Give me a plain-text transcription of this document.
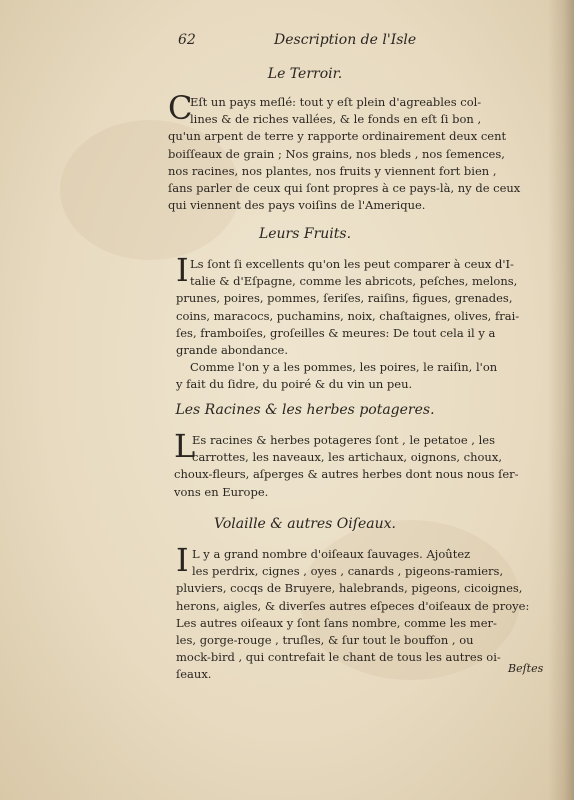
62	Description de l'Isle
Le Terroir.
C
Eſt un pays meſlé: tout y eſt plein d'agreables col-
lines & de riches vallées, & le fonds en eſt ſi bon ,
qu'un arpent de terre y rapporte ordinairement deux cent
boiſſeaux de grain ; Nos grains, nos bleds , nos ſemences,
nos racines, nos plantes, nos fruits y viennent fort bien ,
ſans parler de ceux qui ſont propres à ce pays-là, ny de ceux
qui viennent des pays voiſins de l'Amerique.
Leurs Fruits.
I Ls ſont ſi excellents qu'on les peut comparer à ceux d'I-
talie & d'Eſpagne, comme les abricots, peſches, melons,
prunes, poires, pommes, ſeriſes, raiſins, figues, grenades,
coins, maracocs, puchamins, noix, chaſtaignes, olives, frai-
ſes, framboiſes, groſeilles & meures: De tout cela il y a
grande abondance.
Comme l'on y a les pommes, les poires, le raiſin, l'on
y fait du ſidre, du poiré & du vin un peu.
Les Racines & les herbes potageres.
L
Es racines & herbes potageres ſont , le petatoe , les
carrottes, les naveaux, les artichaux, oignons, choux,
choux-fleurs, aſperges & autres herbes dont nous nous ſer-
vons en Europe.
Volaille & autres Oiſeaux.
I L y a grand nombre d'oiſeaux ſauvages. Ajoûtez
les perdrix, cignes , oyes , canards , pigeons-ramiers,
pluviers, cocqs de Bruyere, halebrands, pigeons, cicoignes,
herons, aigles, & diverſes autres eſpeces d'oiſeaux de proye:
Les autres oiſeaux y ſont ſans nombre, comme les mer-
les, gorge-rouge , truſles, & ſur tout le bouffon , ou
mock-bird , qui contrefait le chant de tous les autres oi-
ſeaux.	Beſtes
